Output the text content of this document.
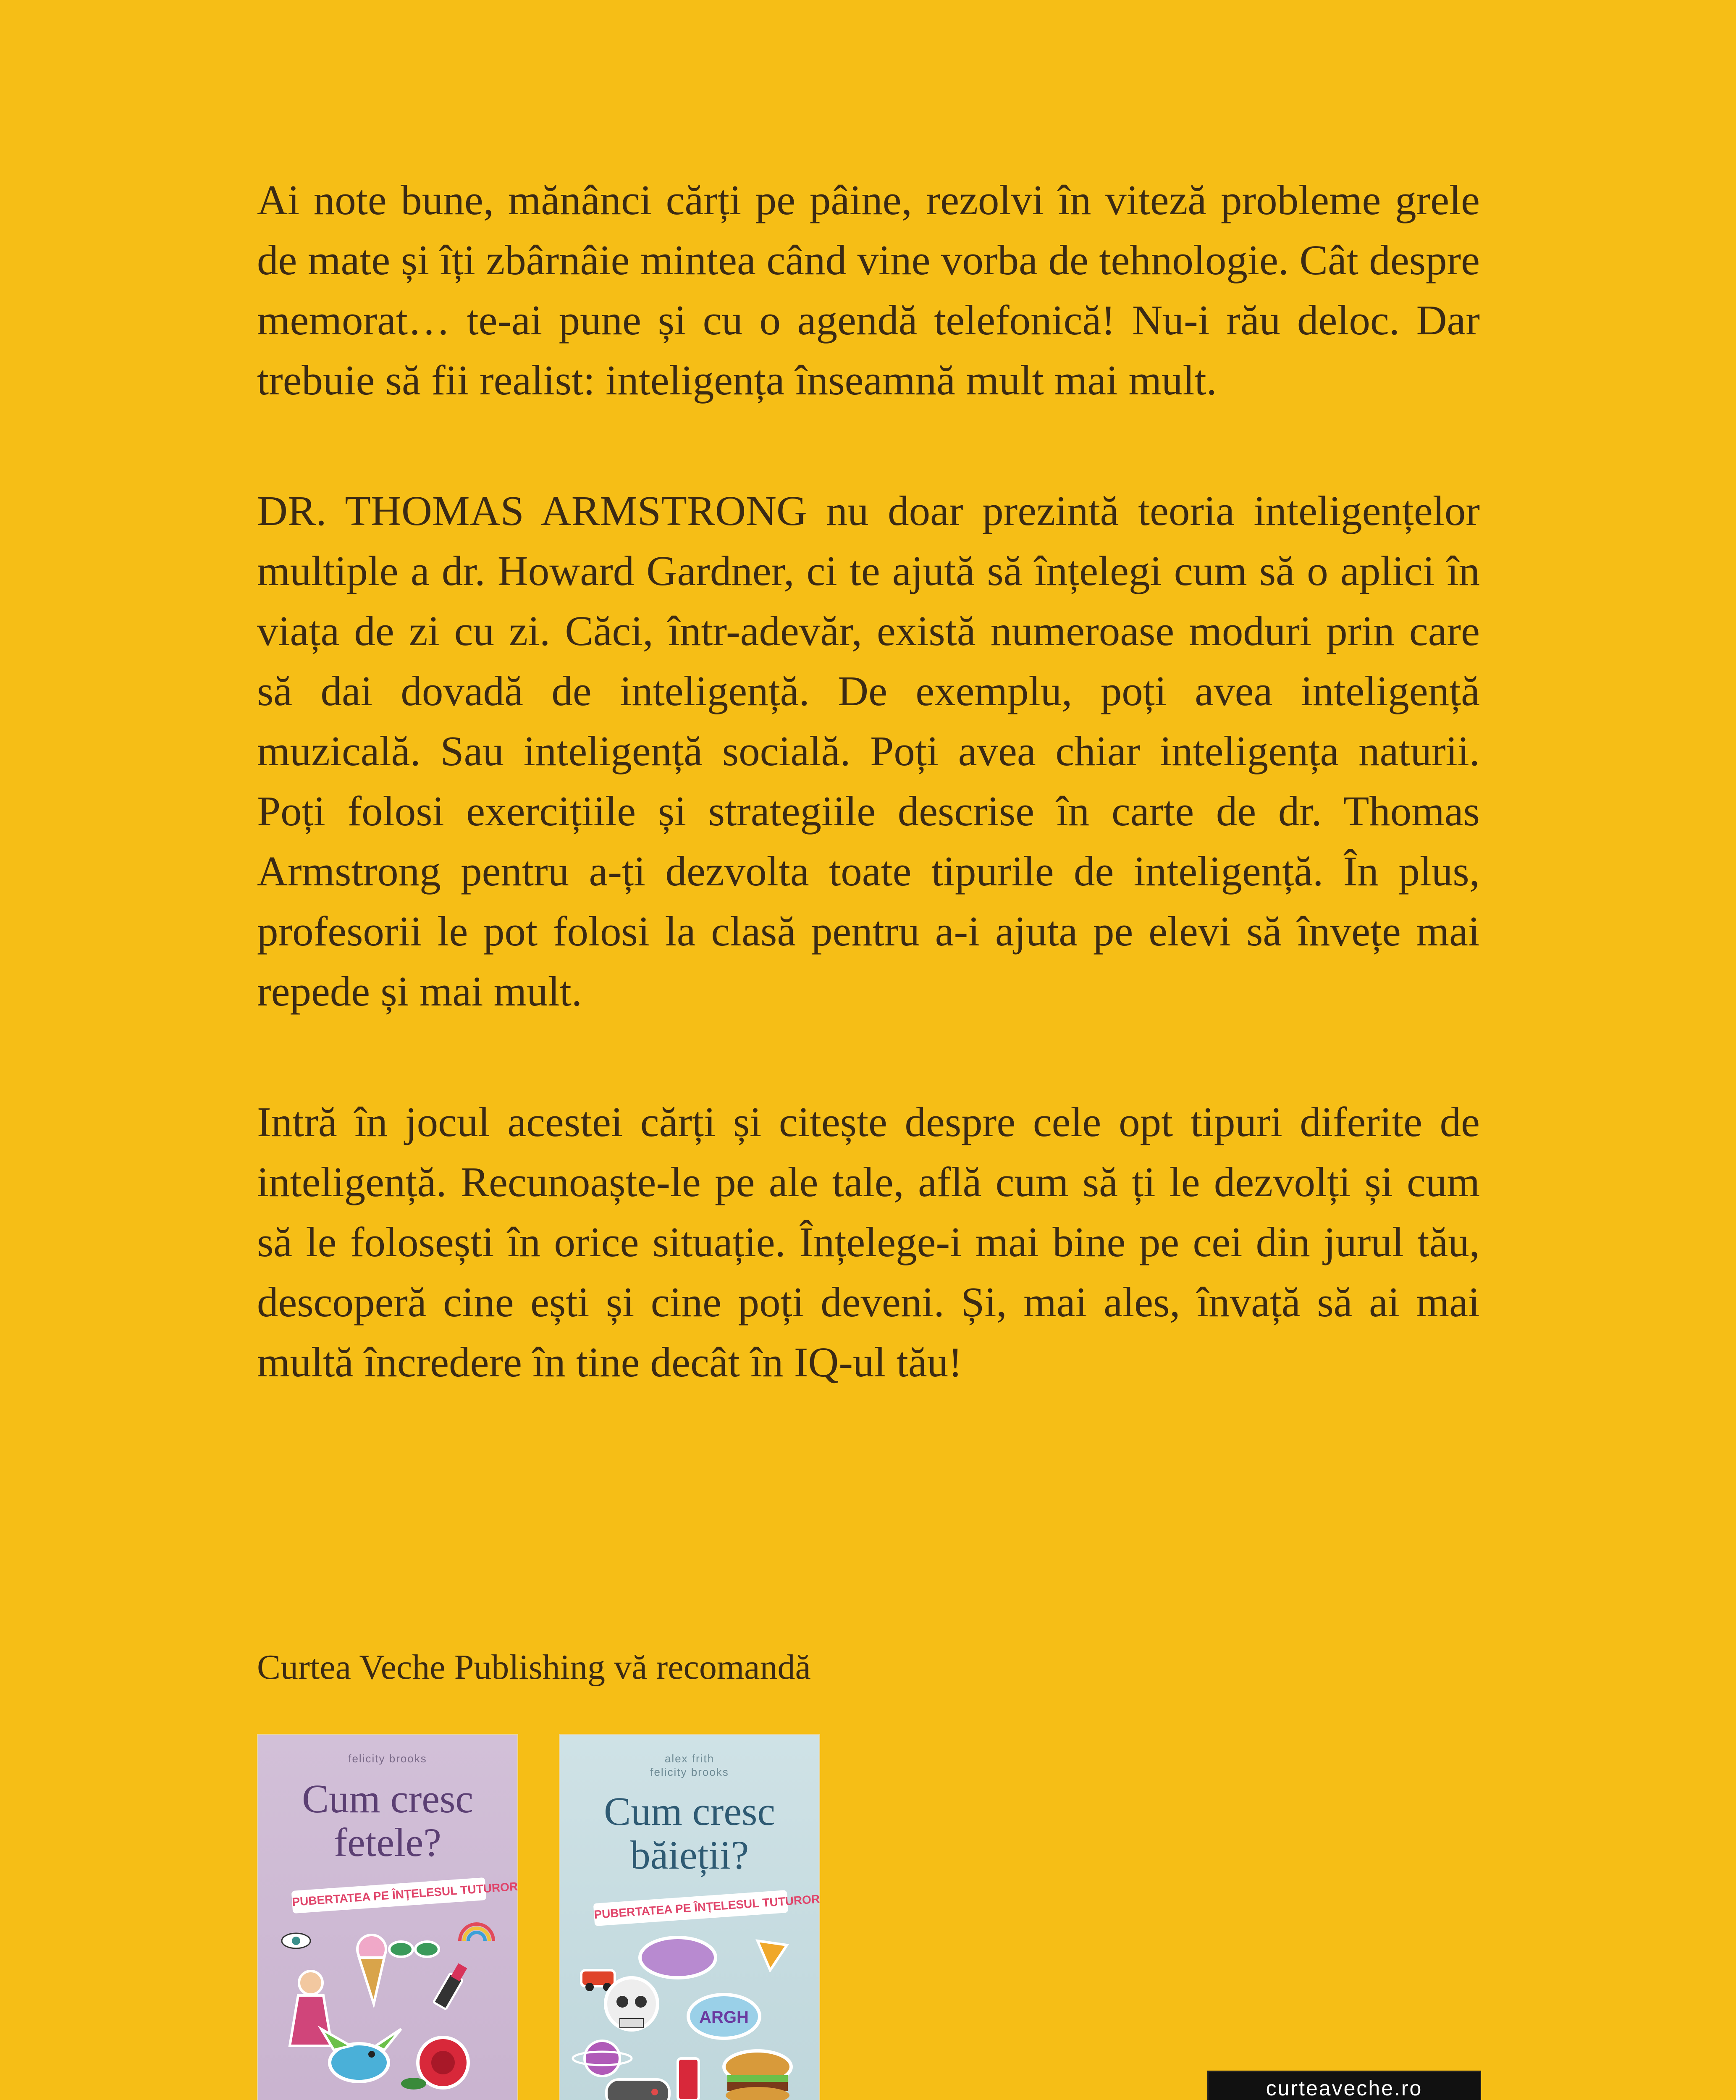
Ai note bune, mănânci cărți pe pâine, rezolvi în viteză probleme grele de mate și îți zbârnâie mintea când vine vorba de tehnologie. Cât despre memorat… te-ai pune și cu o agendă telefonică! Nu-i rău deloc. Dar trebuie să fii realist: inteligența înseamnă mult mai mult.

DR. THOMAS ARMSTRONG nu doar prezintă teoria inteligențelor multiple a dr. Howard Gardner, ci te ajută să înțelegi cum să o aplici în viața de zi cu zi. Căci, într-adevăr, există numeroase moduri prin care să dai dovadă de inteligență. De exemplu, poți avea inteligență muzicală. Sau inteligență socială. Poți avea chiar inteligența naturii. Poți folosi exercițiile și strategiile descrise în carte de dr. Thomas Armstrong pentru a-ți dezvolta toate tipurile de inteligență. În plus, profesorii le pot folosi la clasă pentru a-i ajuta pe elevi să învețe mai repede și mai mult.

Intră în jocul acestei cărți și citește despre cele opt tipuri diferite de inteligență. Recunoaște-le pe ale tale, află cum să ți le dezvolți și cum să le folosești în orice situație. Înțelege-i mai bine pe cei din jurul tău, descoperă cine ești și cine poți deveni. Și, mai ales, învață să ai mai multă încredere în tine decât în IQ-ul tău!

Curtea Veche Publishing vă recomandă
felicity brooks
Cum cresc
fetele?
PUBERTATEA PE ÎNȚELESUL TUTUROR
alex frith
felicity brooks
Cum cresc
băieții?
PUBERTATEA PE ÎNȚELESUL TUTUROR
ARGH
curteaveche.ro
